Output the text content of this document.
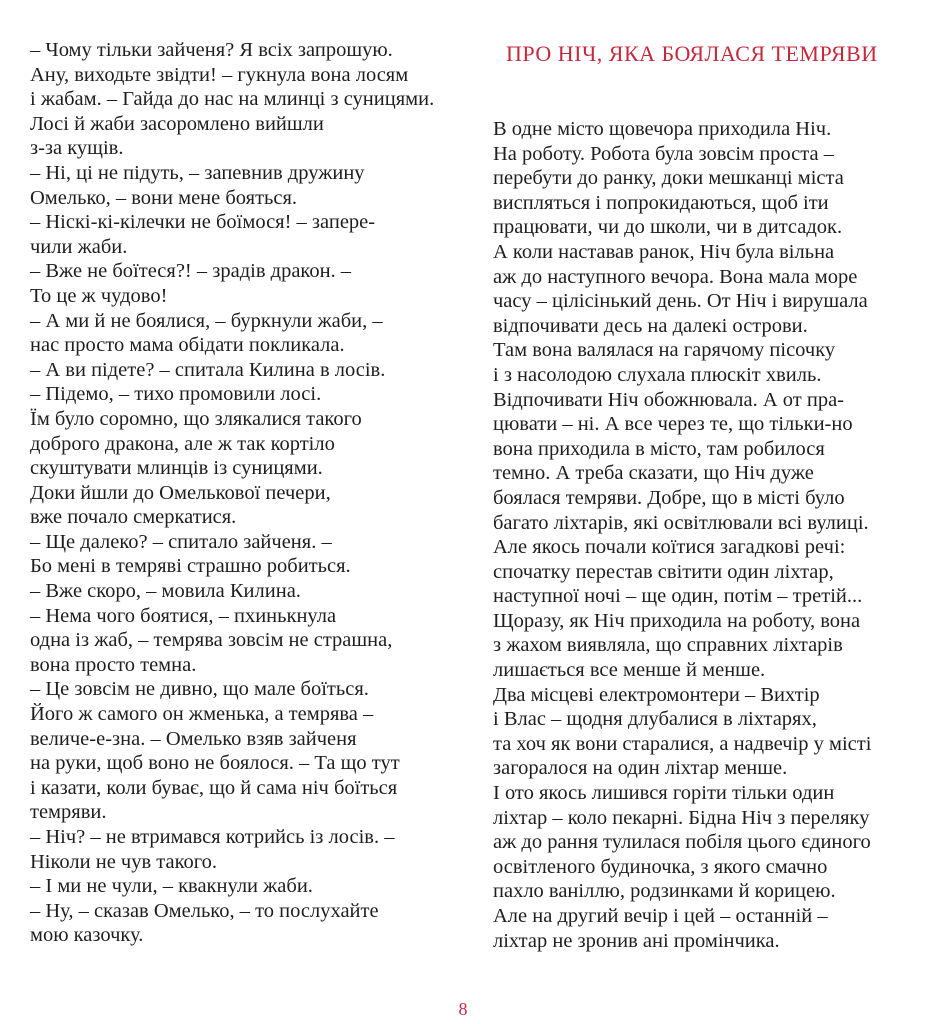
– Чому тільки зайченя? Я всіх запрошую.
Ану, виходьте звідти! – гукнула вона лосям
і жабам. – Гайда до нас на млинці з суницями.
Лосі й жаби засоромлено вийшли
з-за кущів.
– Ні, ці не підуть, – запевнив дружину
Омелько, – вони мене бояться.
– Ніскі-кі-кілечки не боїмося! – запере-
чили жаби.
– Вже не боїтеся?! – зрадів дракон. –
То це ж чудово!
– А ми й не боялися, – буркнули жаби, –
нас просто мама обідати покликала.
– А ви підете? – спитала Килина в лосів.
– Підемо, – тихо промовили лосі.
Їм було соромно, що злякалися такого
доброго дракона, але ж так кортіло
скуштувати млинців із суницями.
Доки йшли до Омелькової печери,
вже почало смеркатися.
– Ще далеко? – спитало зайченя. –
Бо мені в темряві страшно робиться.
– Вже скоро, – мовила Килина.
– Нема чого боятися, – пхинькнула
одна із жаб, – темрява зовсім не страшна,
вона просто темна.
– Це зовсім не дивно, що мале боїться.
Його ж самого он жменька, а темрява –
величе-е-зна. – Омелько взяв зайченя
на руки, щоб воно не боялося. – Та що тут
і казати, коли буває, що й сама ніч боїться
темряви.
– Ніч? – не втримався котрийсь із лосів. –
Ніколи не чув такого.
– І ми не чули, – квакнули жаби.
– Ну, – сказав Омелько, – то послухайте
мою казочку.
ПРО НІЧ, ЯКА БОЯЛАСЯ ТЕМРЯВИ
В одне місто щовечора приходила Ніч.
На роботу. Робота була зовсім проста –
перебути до ранку, доки мешканці міста
виспляться і попрокидаються, щоб іти
працювати, чи до школи, чи в дитсадок.
А коли наставав ранок, Ніч була вільна
аж до наступного вечора. Вона мала море
часу – цілісінький день. От Ніч і вирушала
відпочивати десь на далекі острови.
Там вона валялася на гарячому пісочку
і з насолодою слухала плюскіт хвиль.
Відпочивати Ніч обожнювала. А от пра-
цювати – ні. А все через те, що тільки-но
вона приходила в місто, там робилося
темно. А треба сказати, що Ніч дуже
боялася темряви. Добре, що в місті було
багато ліхтарів, які освітлювали всі вулиці.
Але якось почали коїтися загадкові речі:
спочатку перестав світити один ліхтар,
наступної ночі – ще один, потім – третій...
Щоразу, як Ніч приходила на роботу, вона
з жахом виявляла, що справних ліхтарів
лишається все менше й менше.
Два місцеві електромонтери – Вихтір
і Влас – щодня длубалися в ліхтарях,
та хоч як вони старалися, а надвечір у місті
загоралося на один ліхтар менше.
І ото якось лишився горіти тільки один
ліхтар – коло пекарні. Бідна Ніч з переляку
аж до рання тулилася побіля цього єдиного
освітленого будиночка, з якого смачно
пахло ваніллю, родзинками й корицею.
Але на другий вечір і цей – останній –
ліхтар не зронив ані промінчика.
8
